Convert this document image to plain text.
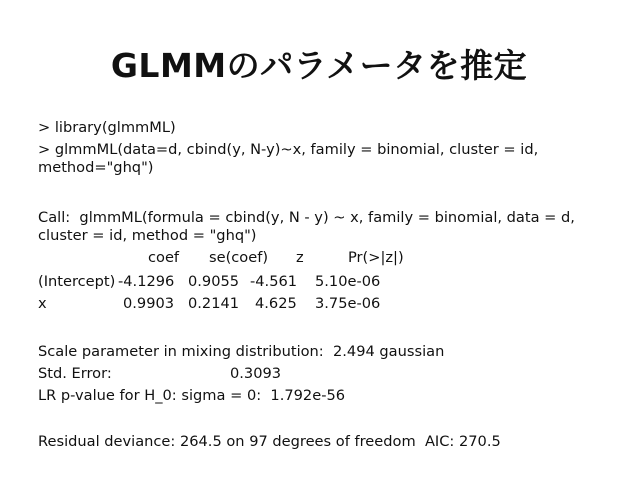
GLMMのパラメータを推定
> library(glmmML)
> glmmML(data=d, cbind(y, N-y)~x, family = binomial, cluster = id,
method="ghq")
Call:  glmmML(formula = cbind(y, N - y) ~ x, family = binomial, data = d,
cluster = id, method = "ghq")
coef se(coef) z	Pr(>|z|)
(Intercept) -4.1296 0.9055 -4.561 5.10e-06
x	0.9903 0.2141 4.625 3.75e-06
Scale parameter in mixing distribution:  2.494 gaussian
Std. Error:	0.3093
LR p-value for H_0: sigma = 0:  1.792e-56
Residual deviance: 264.5 on 97 degrees of freedom  AIC: 270.5
